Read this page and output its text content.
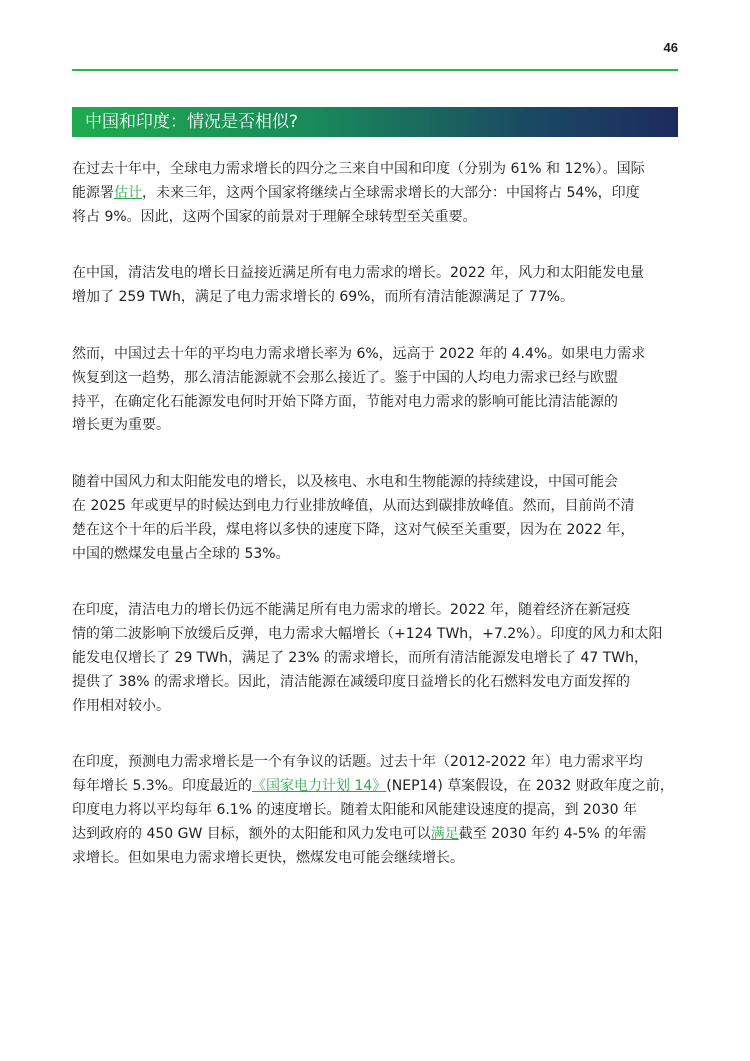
46
中国和印度：情况是否相似?

在过去十年中，全球电力需求增长的四分之三来自中国和印度（分别为 61% 和 12%）。国际
能源署估计，未来三年，这两个国家将继续占全球需求增长的大部分：中国将占 54%，印度
将占 9%。因此，这两个国家的前景对于理解全球转型至关重要。

在中国，清洁发电的增长日益接近满足所有电力需求的增长。2022 年，风力和太阳能发电量
增加了 259 TWh，满足了电力需求增长的 69%，而所有清洁能源满足了 77%。

然而，中国过去十年的平均电力需求增长率为 6%，远高于 2022 年的 4.4%。如果电力需求
恢复到这一趋势，那么清洁能源就不会那么接近了。鉴于中国的人均电力需求已经与欧盟
持平，在确定化石能源发电何时开始下降方面，节能对电力需求的影响可能比清洁能源的
增长更为重要。

随着中国风力和太阳能发电的增长，以及核电、水电和生物能源的持续建设，中国可能会
在 2025 年或更早的时候达到电力行业排放峰值，从而达到碳排放峰值。然而，目前尚不清
楚在这个十年的后半段，煤电将以多快的速度下降，这对气候至关重要，因为在 2022 年，
中国的燃煤发电量占全球的 53%。

在印度，清洁电力的增长仍远不能满足所有电力需求的增长。2022 年，随着经济在新冠疫
情的第二波影响下放缓后反弹，电力需求大幅增长（+124 TWh，+7.2%）。印度的风力和太阳
能发电仅增长了 29 TWh，满足了 23% 的需求增长，而所有清洁能源发电增长了 47 TWh，
提供了 38% 的需求增长。因此，清洁能源在减缓印度日益增长的化石燃料发电方面发挥的
作用相对较小。

在印度，预测电力需求增长是一个有争议的话题。过去十年（2012-2022 年）电力需求平均
每年增长 5.3%。印度最近的《国家电力计划 14》(NEP14) 草案假设，在 2032 财政年度之前，
印度电力将以平均每年 6.1% 的速度增长。随着太阳能和风能建设速度的提高，到 2030 年
达到政府的 450 GW 目标，额外的太阳能和风力发电可以满足截至 2030 年约 4-5% 的年需
求增长。但如果电力需求增长更快，燃煤发电可能会继续增长。
